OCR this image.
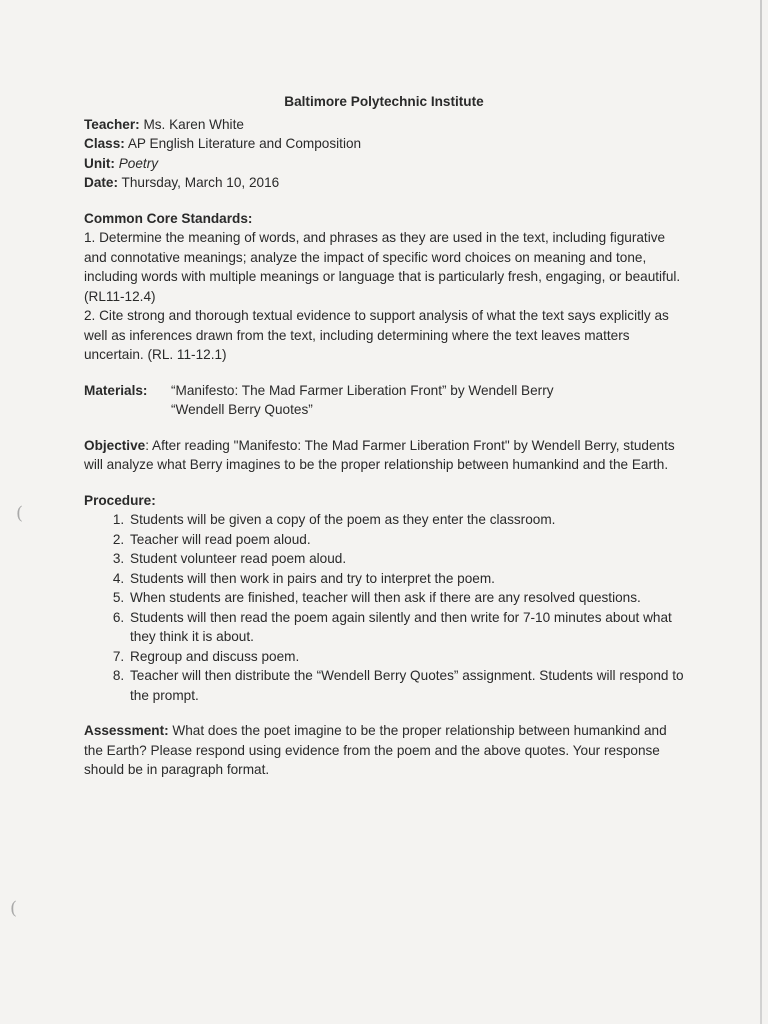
(
(
Baltimore Polytechnic Institute
Teacher: Ms. Karen White
Class: AP English Literature and Composition
Unit: Poetry
Date: Thursday, March 10, 2016
Common Core Standards:

1. Determine the meaning of words, and phrases as they are used in the text, including figurative and connotative meanings; analyze the impact of specific word choices on meaning and tone, including words with multiple meanings or language that is particularly fresh, engaging, or beautiful. (RL11-12.4)

2. Cite strong and thorough textual evidence to support analysis of what the text says explicitly as well as inferences drawn from the text, including determining where the text leaves matters uncertain. (RL. 11-12.1)

Materials:	“Manifesto: The Mad Farmer Liberation Front” by Wendell Berry
“Wendell Berry Quotes”

Objective: After reading "Manifesto: The Mad Farmer Liberation Front" by Wendell Berry, students will analyze what Berry imagines to be the proper relationship between humankind and the Earth.

Procedure:
1. Students will be given a copy of the poem as they enter the classroom.
2. Teacher will read poem aloud.
3. Student volunteer read poem aloud.
4. Students will then work in pairs and try to interpret the poem.
5. When students are finished, teacher will then ask if there are any resolved questions.
6. Students will then read the poem again silently and then write for 7-10 minutes about what they think it is about.
7. Regroup and discuss poem.
8. Teacher will then distribute the “Wendell Berry Quotes” assignment. Students will respond to the prompt.

Assessment: What does the poet imagine to be the proper relationship between humankind and the Earth? Please respond using evidence from the poem and the above quotes. Your response should be in paragraph format.
